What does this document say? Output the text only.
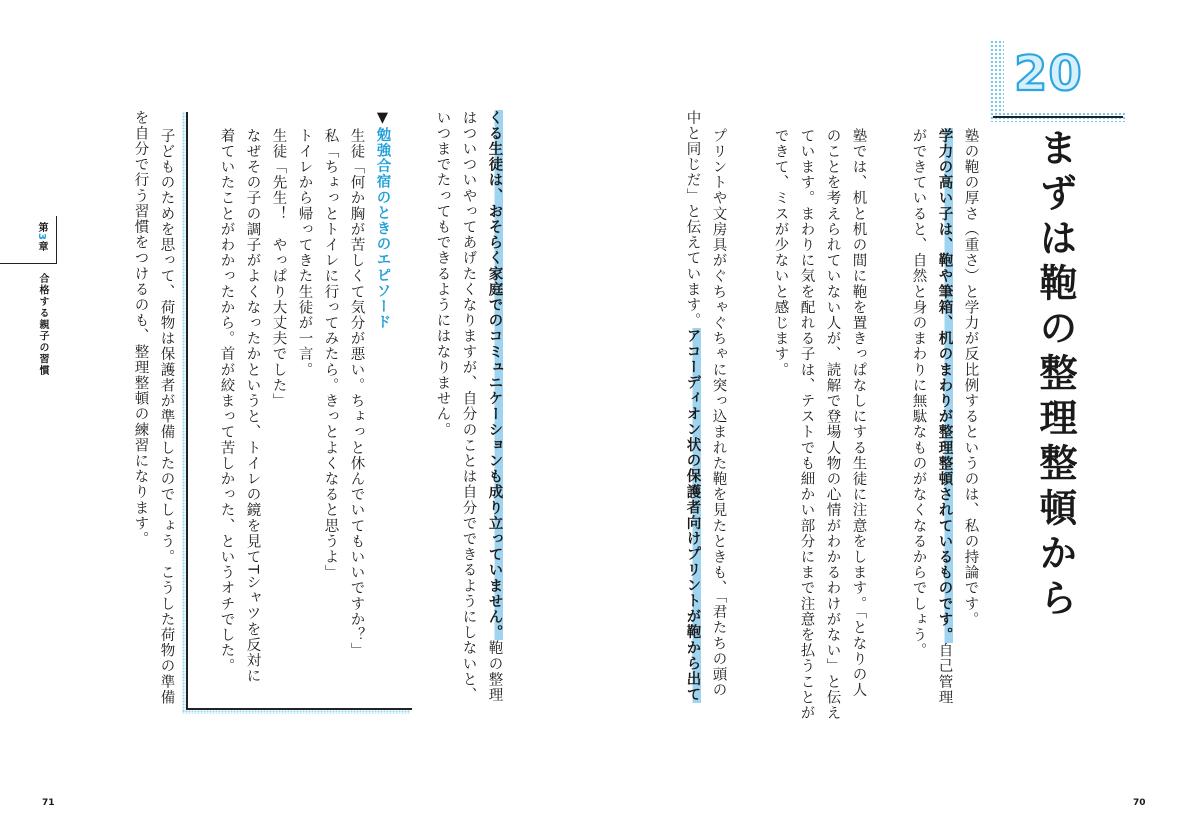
20
まずは鞄の整理整頓から
塾の鞄の厚さ（重さ）と学力が反比例するというのは、私の持論です。
学力の高い子は、鞄や筆箱、机のまわりが整理整頓されているものです。自己管理
ができていると、自然と身のまわりに無駄なものがなくなるからでしょう。
塾では、机と机の間に鞄を置きっぱなしにする生徒に注意をします。「となりの人
のことを考えられていない人が、読解で登場人物の心情がわかるわけがない」と伝え
ています。まわりに気を配れる子は、テストでも細かい部分にまで注意を払うことが
できて、ミスが少ないと感じます。
プリントや文房具がぐちゃぐちゃに突っ込まれた鞄を見たときも、「君たちの頭の
中と同じだ」と伝えています。アコーディオン状の保護者向けプリントが鞄から出て
70
くる生徒は、おそらく家庭でのコミュニケーションも成り立っていません。鞄の整理
はついついやってあげたくなりますが、自分のことは自分でできるようにしないと、
いつまでたってもできるようにはなりません。
▼勉強合宿のときのエピソード
生徒「何か胸が苦しくて気分が悪い。ちょっと休んでいてもいいですか？」
私「ちょっとトイレに行ってみたら。きっとよくなると思うよ」
トイレから帰ってきた生徒が一言。
生徒「先生！　やっぱり大丈夫でした」
なぜその子の調子がよくなったかというと、トイレの鏡を見てTシャツを反対に
着ていたことがわかったから。首が絞まって苦しかった、というオチでした。
子どものためを思って、荷物は保護者が準備したのでしょう。こうした荷物の準備
を自分で行う習慣をつけるのも、整理整頓の練習になります。
第3章
合格する親子の習慣
71
